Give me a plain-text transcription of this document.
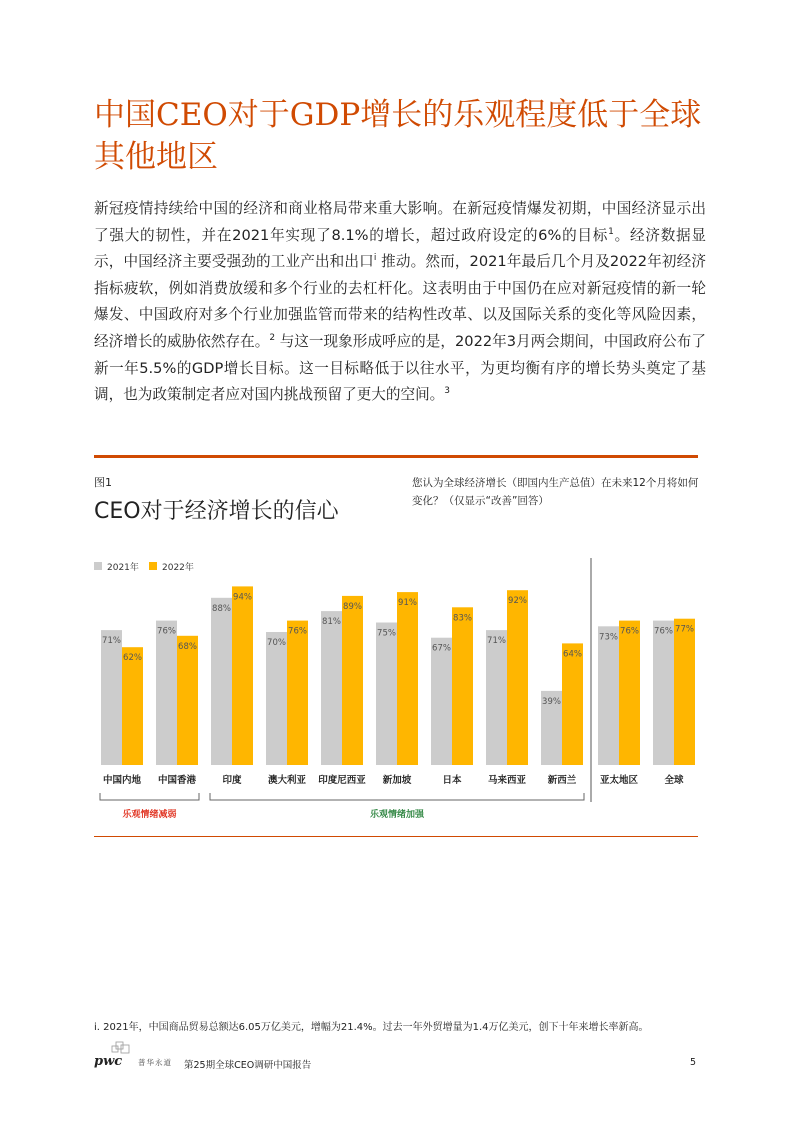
中国CEO对于GDP增长的乐观程度低于全球其他地区

新冠疫情持续给中国的经济和商业格局带来重大影响。在新冠疫情爆发初期，中国经济显示出了强大的韧性，并在2021年实现了8.1%的增长，超过政府设定的6%的目标$^1$。经济数据显示，中国经济主要受强劲的工业产出和出口$^i$ 推动。然而，2021年最后几个月及2022年初经济指标疲软，例如消费放缓和多个行业的去杠杆化。这表明由于中国仍在应对新冠疫情的新一轮爆发、中国政府对多个行业加强监管而带来的结构性改革、以及国际关系的变化等风险因素，经济增长的威胁依然存在。$^2$ 与这一现象形成呼应的是，2022年3月两会期间，中国政府公布了新一年5.5%的GDP增长目标。这一目标略低于以往水平，为更均衡有序的增长势头奠定了基调，也为政策制定者应对国内挑战预留了更大的空间。$^3$

图1
CEO对于经济增长的信心
您认为全球经济增长（即国内生产总值）在未来12个月将如何变化？（仅显示“改善”回答）
2021年	2022年
71%
62%
中国内地
76%
68%
中国香港
88%
94%
印度
70%
76%
澳大利亚
81%
89%
印度尼西亚
75%
91%
新加坡
67%
83%
日本
71%
92%
马来西亚
39%
64%
新西兰
73%
76%
亚太地区
76% 77%
全球
乐观情绪减弱	乐观情绪加强
i. 2021年，中国商品贸易总额达6.05万亿美元，增幅为21.4%。过去一年外贸增量为1.4万亿美元，创下十年来增长率新高。
pwc 普华永道 第25期全球CEO调研中国报告	5
